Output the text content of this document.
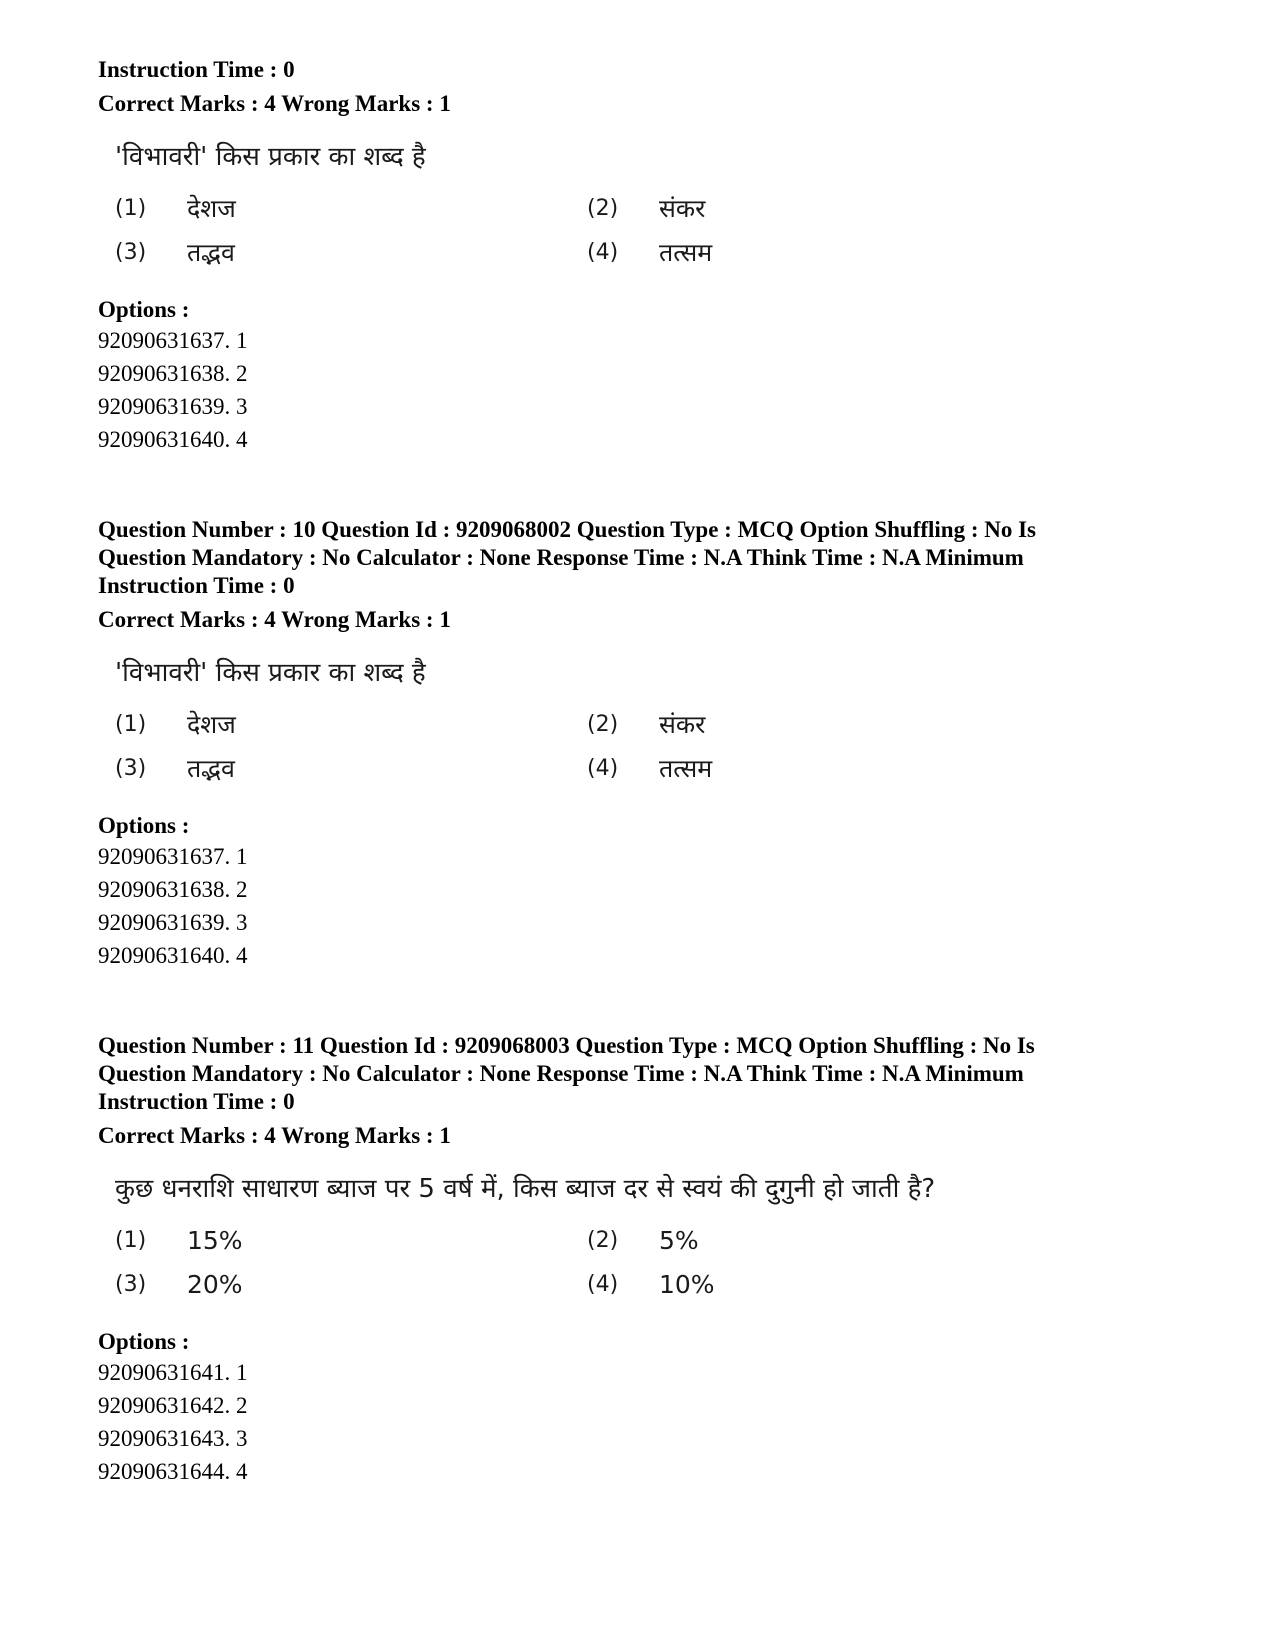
Instruction Time : 0

Correct Marks : 4 Wrong Marks : 1
'विभावरी' किस प्रकार का शब्द है
(1)	देशज	(2)	संकर
(3)	तद्भव	(4)	तत्सम
Options :
92090631637. 1
92090631638. 2
92090631639. 3
92090631640. 4

Question Number : 10 Question Id : 9209068002 Question Type : MCQ Option Shuffling : No Is

Question Mandatory : No Calculator : None Response Time : N.A Think Time : N.A Minimum

Instruction Time : 0

Correct Marks : 4 Wrong Marks : 1
'विभावरी' किस प्रकार का शब्द है
(1)	देशज	(2)	संकर
(3)	तद्भव	(4)	तत्सम
Options :
92090631637. 1
92090631638. 2
92090631639. 3
92090631640. 4

Question Number : 11 Question Id : 9209068003 Question Type : MCQ Option Shuffling : No Is

Question Mandatory : No Calculator : None Response Time : N.A Think Time : N.A Minimum

Instruction Time : 0

Correct Marks : 4 Wrong Marks : 1
कुछ धनराशि साधारण ब्याज पर 5 वर्ष में, किस ब्याज दर से स्वयं की दुगुनी हो जाती है?
(1)	15%	(2)	5%
(3)	20%	(4)	10%
Options :
92090631641. 1
92090631642. 2
92090631643. 3
92090631644. 4
